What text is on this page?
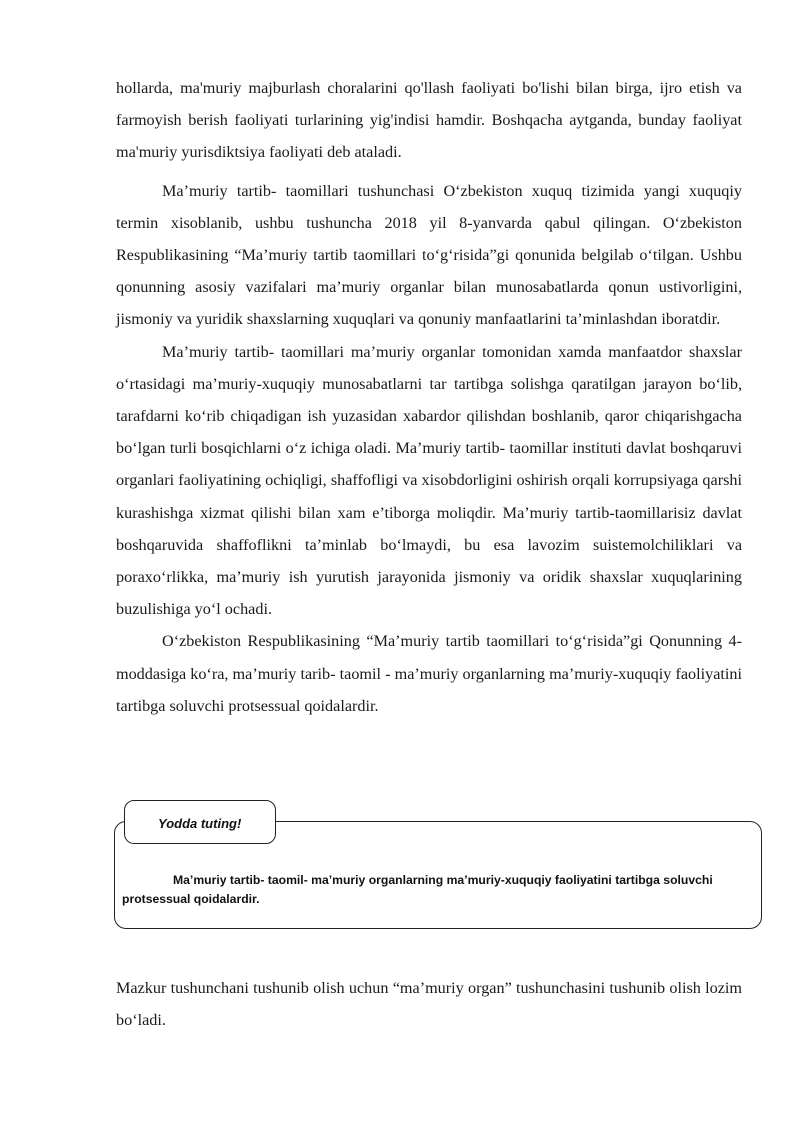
hollarda, ma'muriy majburlash choralarini qo'llash faoliyati bo'lishi bilan birga, ijro etish va farmoyish berish faoliyati turlarining yig'indisi hamdir. Boshqacha aytganda, bunday faoliyat ma'muriy yurisdiktsiya faoliyati deb ataladi.

Ma’muriy tartib- taomillari tushunchasi O‘zbekiston xuquq tizimida yangi xuquqiy termin xisoblanib, ushbu tushuncha 2018 yil 8-yanvarda qabul qilingan. O‘zbekiston Respublikasining “Ma’muriy tartib taomillari to‘g‘risida”gi qonunida belgilab o‘tilgan. Ushbu qonunning asosiy vazifalari ma’muriy organlar bilan munosabatlarda qonun ustivorligini, jismoniy va yuridik shaxslarning xuquqlari va qonuniy manfaatlarini ta’minlashdan iboratdir.

Ma’muriy tartib- taomillari ma’muriy organlar tomonidan xamda manfaatdor shaxslar o‘rtasidagi ma’muriy-xuquqiy munosabatlarni tar tartibga solishga qaratilgan jarayon bo‘lib, tarafdarni ko‘rib chiqadigan ish yuzasidan xabardor qilishdan boshlanib, qaror chiqarishgacha bo‘lgan turli bosqichlarni o‘z ichiga oladi. Ma’muriy tartib- taomillar instituti davlat boshqaruvi organlari faoliyatining ochiqligi, shaffofligi va xisobdorligini oshirish orqali korrupsiyaga qarshi kurashishga xizmat qilishi bilan xam e’tiborga moliqdir. Ma’muriy tartib-taomillarisiz davlat boshqaruvida shaffoflikni ta’minlab bo‘lmaydi, bu esa lavozim suistemolchiliklari va poraxo‘rlikka, ma’muriy ish yurutish jarayonida jismoniy va oridik shaxslar xuquqlarining buzulishiga yo‘l ochadi.

O‘zbekiston Respublikasining “Ma’muriy tartib taomillari to‘g‘risida”gi Qonunning 4-moddasiga ko‘ra, ma’muriy tarib- taomil - ma’muriy organlarning ma’muriy-xuquqiy faoliyatini tartibga soluvchi protsessual qoidalardir.

Yodda tuting!
Ma’muriy tartib- taomil- ma’muriy organlarning ma’muriy-xuquqiy faoliyatini tartibga soluvchi protsessual qoidalardir.

Mazkur tushunchani tushunib olish uchun “ma’muriy organ” tushunchasini tushunib olish lozim bo‘ladi.
